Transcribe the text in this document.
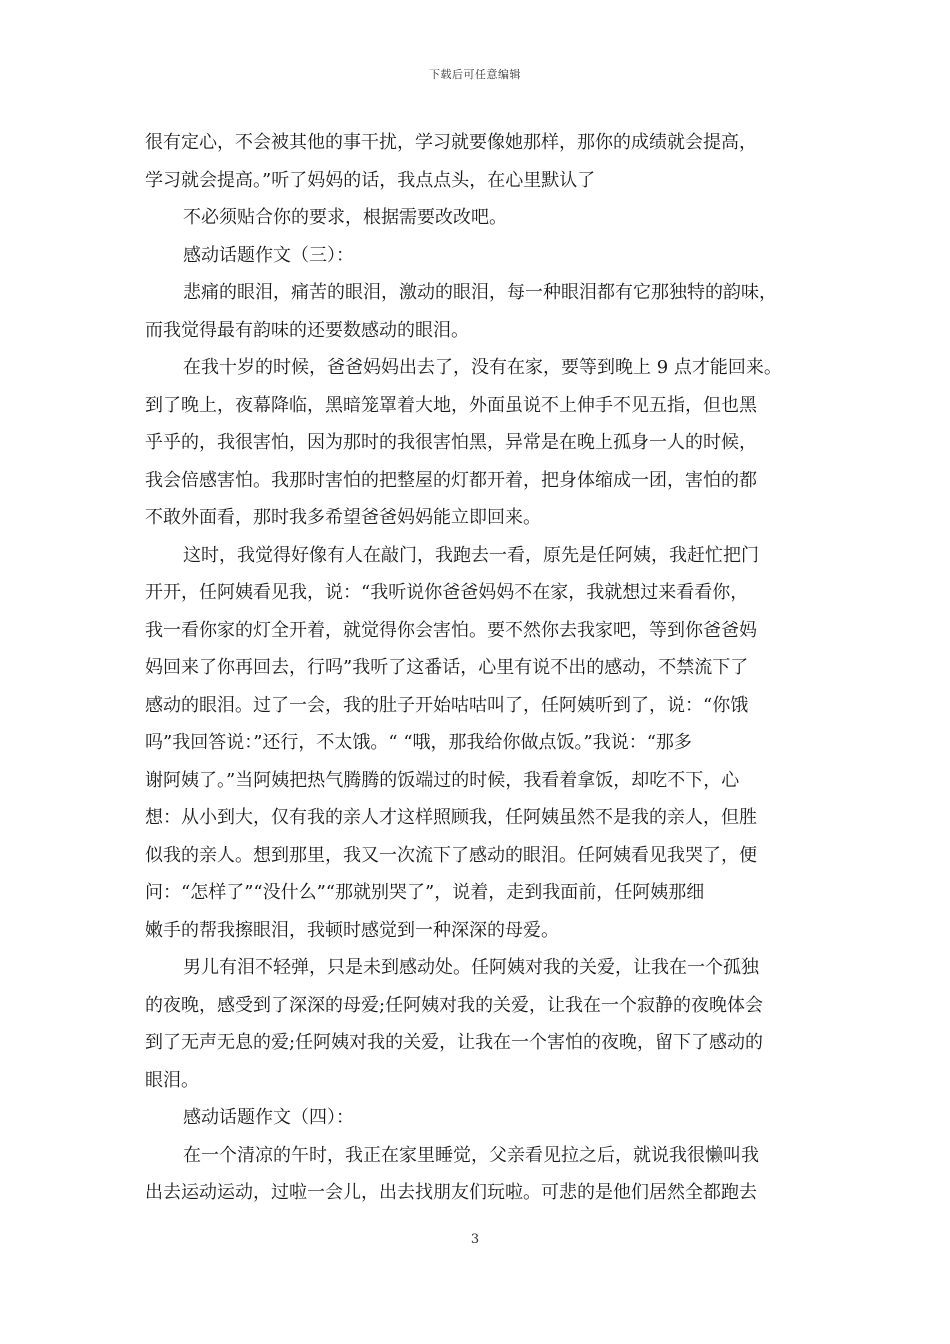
下载后可任意编辑
很有定心，不会被其他的事干扰，学习就要像她那样，那你的成绩就会提高，
学习就会提高。”听了妈妈的话，我点点头，在心里默认了
不必须贴合你的要求，根据需要改改吧。
感动话题作文（三）：
悲痛的眼泪，痛苦的眼泪，激动的眼泪，每一种眼泪都有它那独特的韵味，
而我觉得最有韵味的还要数感动的眼泪。
在我十岁的时候，爸爸妈妈出去了，没有在家，要等到晚上 9 点才能回来。
到了晚上，夜幕降临，黑暗笼罩着大地，外面虽说不上伸手不见五指，但也黑
乎乎的，我很害怕，因为那时的我很害怕黑，异常是在晚上孤身一人的时候，
我会倍感害怕。我那时害怕的把整屋的灯都开着，把身体缩成一团，害怕的都
不敢外面看，那时我多希望爸爸妈妈能立即回来。
这时，我觉得好像有人在敲门，我跑去一看，原先是任阿姨，我赶忙把门
开开，任阿姨看见我，说：“我听说你爸爸妈妈不在家，我就想过来看看你，
我一看你家的灯全开着，就觉得你会害怕。要不然你去我家吧，等到你爸爸妈
妈回来了你再回去，行吗”我听了这番话，心里有说不出的感动，不禁流下了
感动的眼泪。过了一会，我的肚子开始咕咕叫了，任阿姨听到了，说：“你饿
吗”我回答说：”还行，不太饿。“ “哦，那我给你做点饭。”我说：“那多
谢阿姨了。”当阿姨把热气腾腾的饭端过的时候，我看着拿饭，却吃不下，心
想：从小到大，仅有我的亲人才这样照顾我，任阿姨虽然不是我的亲人，但胜
似我的亲人。想到那里，我又一次流下了感动的眼泪。任阿姨看见我哭了，便
问：“怎样了”“没什么”“那就别哭了”，说着，走到我面前，任阿姨那细
嫩手的帮我擦眼泪，我顿时感觉到一种深深的母爱。
男儿有泪不轻弹，只是未到感动处。任阿姨对我的关爱，让我在一个孤独
的夜晚，感受到了深深的母爱;任阿姨对我的关爱，让我在一个寂静的夜晚体会
到了无声无息的爱;任阿姨对我的关爱，让我在一个害怕的夜晚，留下了感动的
眼泪。
感动话题作文（四）：
在一个清凉的午时，我正在家里睡觉，父亲看见拉之后，就说我很懒叫我
出去运动运动，过啦一会儿，出去找朋友们玩啦。可悲的是他们居然全都跑去
3
